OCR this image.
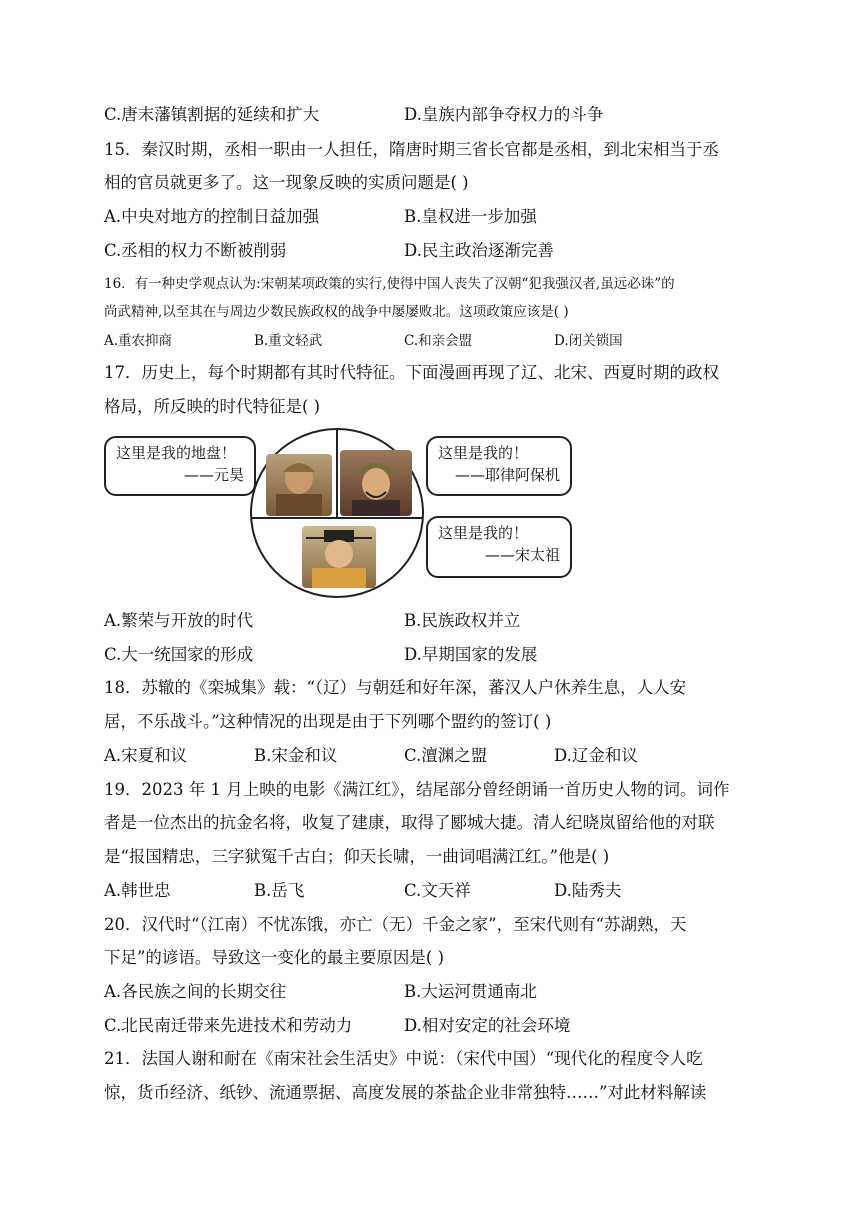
C.唐末藩镇割据的延续和扩大	D.皇族内部争夺权力的斗争
15．秦汉时期，丞相一职由一人担任，隋唐时期三省长官都是丞相，到北宋相当于丞
相的官员就更多了。这一现象反映的实质问题是( )
A.中央对地方的控制日益加强	B.皇权进一步加强
C.丞相的权力不断被削弱	D.民主政治逐渐完善
16．有一种史学观点认为:宋朝某项政策的实行,使得中国人丧失了汉朝“犯我强汉者,虽远必诛”的
尚武精神,以至其在与周边少数民族政权的战争中屡屡败北。这项政策应该是( )
A.重农抑商	B.重文轻武	C.和亲会盟	D.闭关锁国
17．历史上，每个时期都有其时代特征。下面漫画再现了辽、北宋、西夏时期的政权
格局，所反映的时代特征是( )
这里是我的地盘！
——元昊
这里是我的！
——耶律阿保机
这里是我的！
——宋太祖
A.繁荣与开放的时代	B.民族政权并立
C.大一统国家的形成	D.早期国家的发展
18．苏辙的《栾城集》载：“（辽）与朝廷和好年深，蕃汉人户休养生息，人人安
居，不乐战斗。”这种情况的出现是由于下列哪个盟约的签订( )
A.宋夏和议	B.宋金和议	C.澶渊之盟	D.辽金和议
19．2023 年 1 月上映的电影《满江红》，结尾部分曾经朗诵一首历史人物的词。词作
者是一位杰出的抗金名将，收复了建康，取得了郾城大捷。清人纪晓岚留给他的对联
是“报国精忠，三字狱冤千古白；仰天长啸，一曲词唱满江红。”他是( )
A.韩世忠	B.岳飞	C.文天祥	D.陆秀夫
20．汉代时“（江南）不忧冻饿，亦亡（无）千金之家”，至宋代则有“苏湖熟，天
下足”的谚语。导致这一变化的最主要原因是( )
A.各民族之间的长期交往	B.大运河贯通南北
C.北民南迁带来先进技术和劳动力	D.相对安定的社会环境
21．法国人谢和耐在《南宋社会生活史》中说：（宋代中国）“现代化的程度令人吃
惊，货币经济、纸钞、流通票据、高度发展的茶盐企业非常独特……”对此材料解读
